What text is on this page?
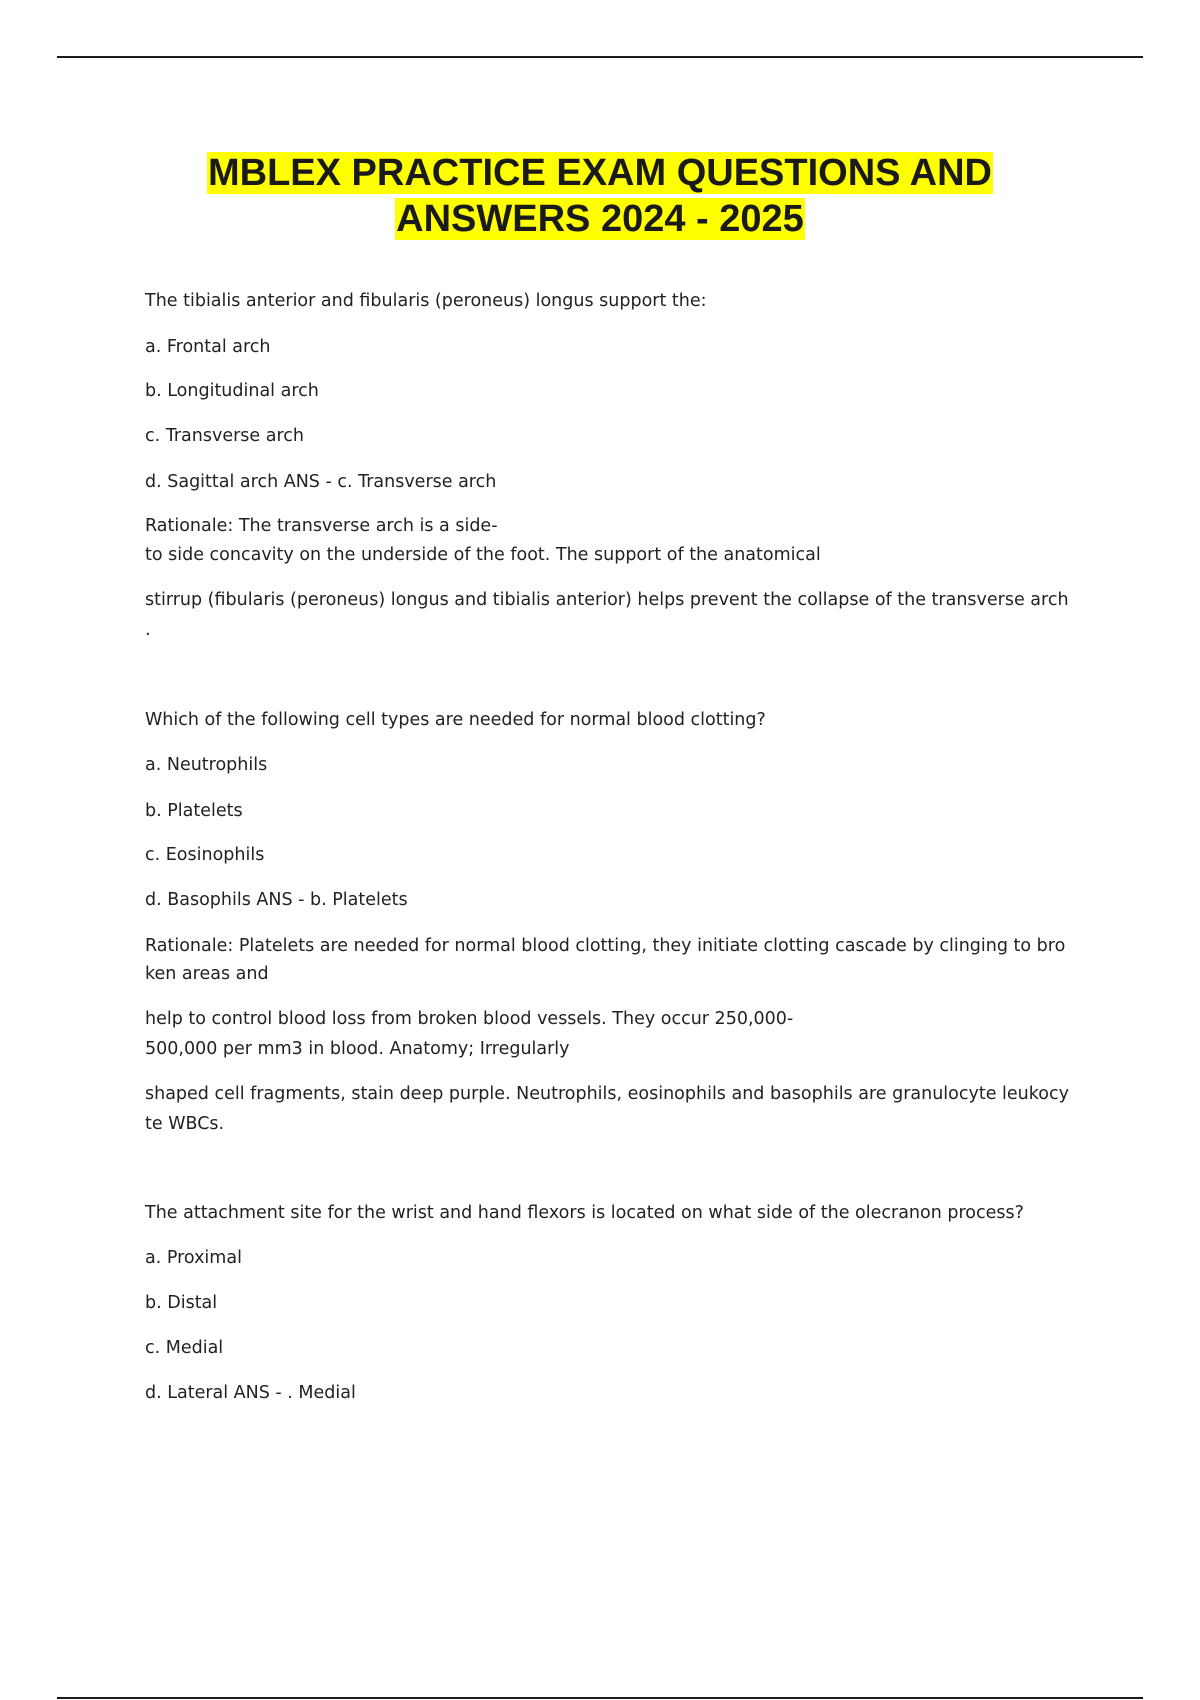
MBLEX PRACTICE EXAM QUESTIONS AND
ANSWERS 2024 - 2025
The tibialis anterior and fibularis (peroneus) longus support the:
a. Frontal arch
b. Longitudinal arch
c. Transverse arch
d. Sagittal arch ANS - c. Transverse arch
Rationale: The transverse arch is a side-
to side concavity on the underside of the foot. The support of the anatomical
stirrup (fibularis (peroneus) longus and tibialis anterior) helps prevent the collapse of the transverse arch
.
Which of the following cell types are needed for normal blood clotting?
a. Neutrophils
b. Platelets
c. Eosinophils
d. Basophils ANS - b. Platelets
Rationale: Platelets are needed for normal blood clotting, they initiate clotting cascade by clinging to bro
ken areas and
help to control blood loss from broken blood vessels. They occur 250,000-
500,000 per mm3 in blood. Anatomy; Irregularly
shaped cell fragments, stain deep purple. Neutrophils, eosinophils and basophils are granulocyte leukocy
te WBCs.
The attachment site for the wrist and hand flexors is located on what side of the olecranon process?
a. Proximal
b. Distal
c. Medial
d. Lateral ANS - . Medial
